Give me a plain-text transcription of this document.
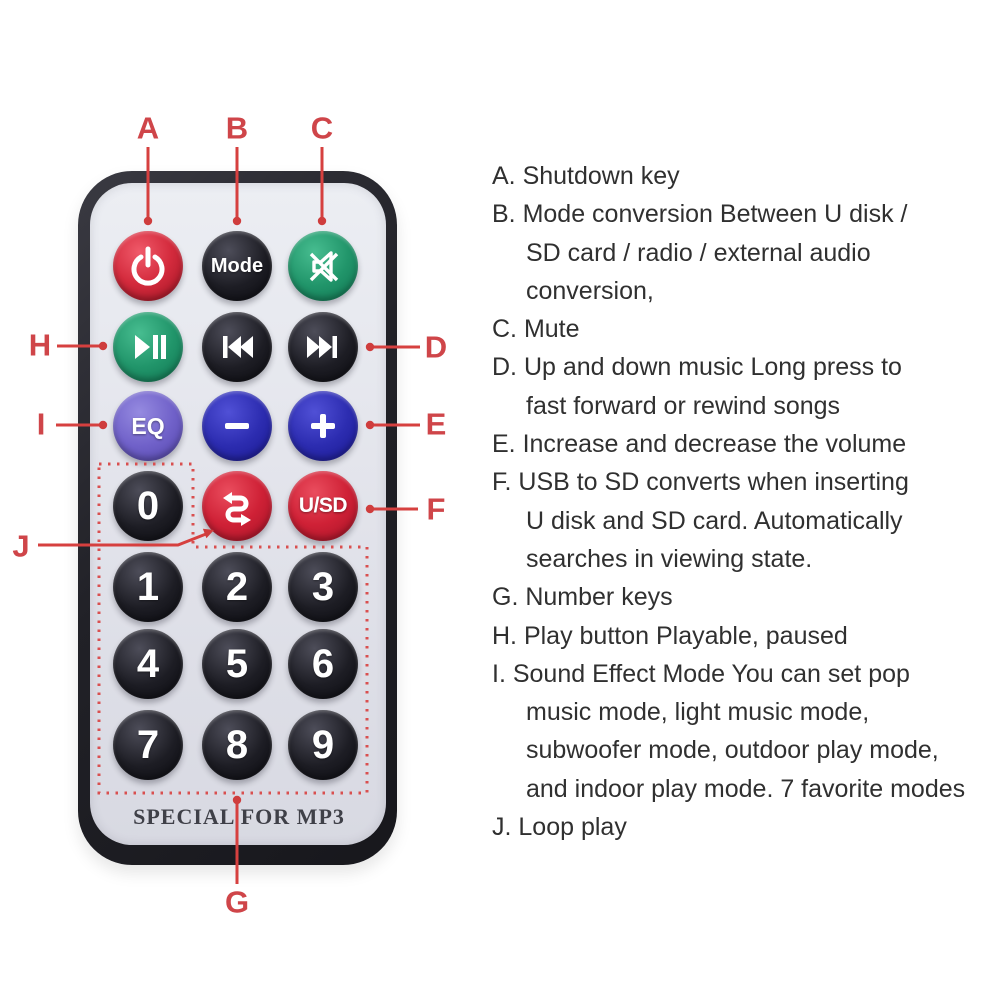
Mode
EQ
0	U/SD
1 2 3
4 5 6
7 8 9
SPECIAL FOR MP3
A B C
D
E
F
G
H
I
J
A. Shutdown key
B. Mode conversion Between U disk /
SD card / radio / external audio
conversion,
C. Mute
D. Up and down music Long press to
fast forward or rewind songs
E. Increase and decrease the volume
F. USB to SD converts when inserting
U disk and SD card. Automatically
searches in viewing state.
G. Number keys
H. Play button Playable, paused
I. Sound Effect Mode You can set pop
music mode, light music mode,
subwoofer mode, outdoor play mode,
and indoor play mode. 7 favorite modes
J. Loop play
